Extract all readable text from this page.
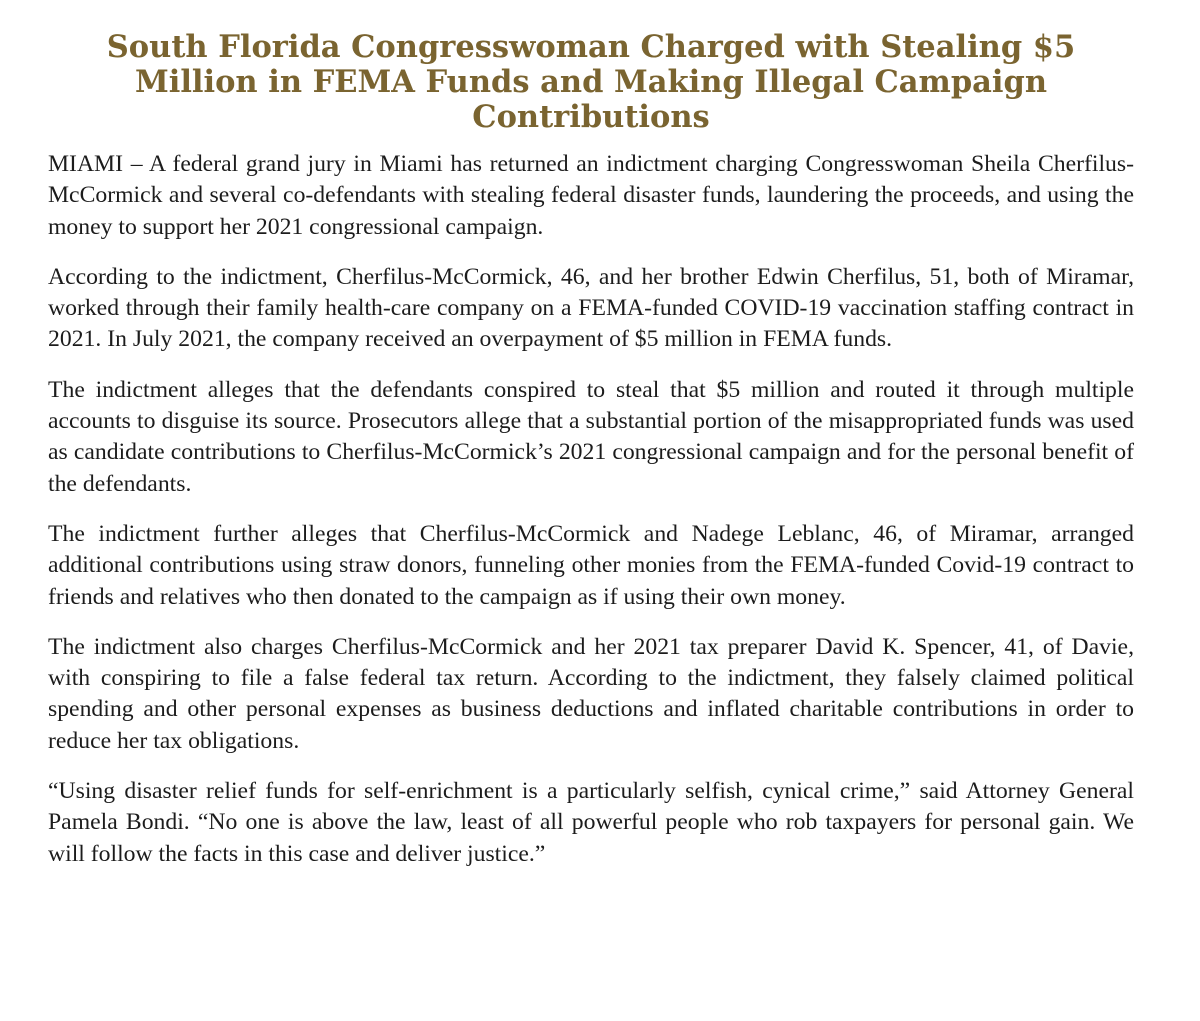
South Florida Congresswoman Charged with Stealing $5 Million in FEMA Funds and Making Illegal Campaign Contributions

MIAMI – A federal grand jury in Miami has returned an indictment charging Congresswoman Sheila Cherfilus-McCormick and several co-defendants with stealing federal disaster funds, laundering the proceeds, and using the money to support her 2021 congressional campaign.

According to the indictment, Cherfilus-McCormick, 46, and her brother Edwin Cherfilus, 51, both of Miramar, worked through their family health-care company on a FEMA-funded COVID-19 vaccination staffing contract in 2021. In July 2021, the company received an overpayment of $5 million in FEMA funds.

The indictment alleges that the defendants conspired to steal that $5 million and routed it through multiple accounts to disguise its source. Prosecutors allege that a substantial portion of the misappropriated funds was used as candidate contributions to Cherfilus-McCormick’s 2021 congressional campaign and for the personal benefit of the defendants.

The indictment further alleges that Cherfilus-McCormick and Nadege Leblanc, 46, of Miramar, arranged additional contributions using straw donors, funneling other monies from the FEMA-funded Covid-19 contract to friends and relatives who then donated to the campaign as if using their own money.

The indictment also charges Cherfilus-McCormick and her 2021 tax preparer David K. Spencer, 41, of Davie, with conspiring to file a false federal tax return. According to the indictment, they falsely claimed political spending and other personal expenses as business deductions and inflated charitable contributions in order to reduce her tax obligations.

“Using disaster relief funds for self-enrichment is a particularly selfish, cynical crime,” said Attorney General Pamela Bondi. “No one is above the law, least of all powerful people who rob taxpayers for personal gain. We will follow the facts in this case and deliver justice.”
